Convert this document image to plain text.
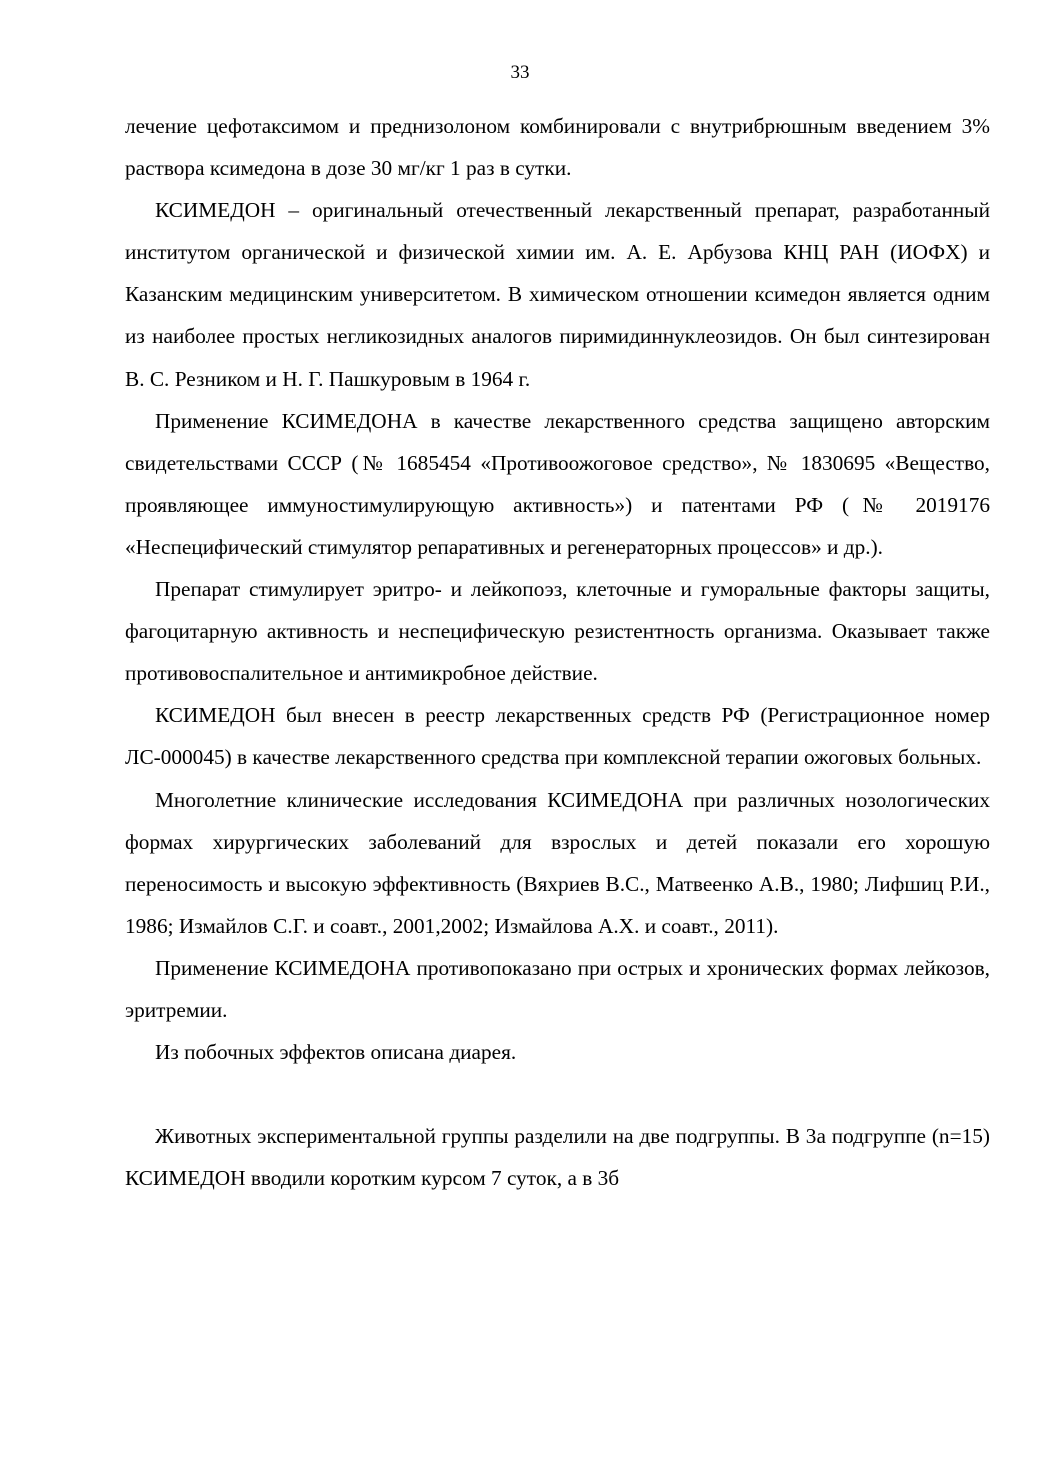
33

лечение цефотаксимом и преднизолоном комбинировали с внутрибрюшным введением 3% раствора ксимедона в дозе 30 мг/кг 1 раз в сутки.

КСИМЕДОН – оригинальный отечественный лекарственный препарат, разработанный институтом органической и физической химии им. А. Е. Арбузова КНЦ РАН (ИОФХ) и Казанским медицинским университетом. В химическом отношении ксимедон является одним из наиболее простых негликозидных аналогов пиримидиннуклеозидов. Он был синтезирован В. С. Резником и Н. Г. Пашкуровым в 1964 г.

Применение КСИМЕДОНА в качестве лекарственного средства защищено авторским свидетельствами СССР (№ 1685454 «Противоожоговое средство», № 1830695 «Вещество, проявляющее иммуностимулирующую активность») и патентами РФ (№ 2019176 «Неспецифический стимулятор репаративных и регенераторных процессов» и др.).

Препарат стимулирует эритро- и лейкопоэз, клеточные и гуморальные факторы защиты, фагоцитарную активность и неспецифическую резистентность организма. Оказывает также противовоспалительное и антимикробное действие.

КСИМЕДОН был внесен в реестр лекарственных средств РФ (Регистрационное номер ЛС-000045) в качестве лекарственного средства при комплексной терапии ожоговых больных.

Многолетние клинические исследования КСИМЕДОНА при различных нозологических формах хирургических заболеваний для взрослых и детей показали его хорошую переносимость и высокую эффективность (Вяхриев В.С., Матвеенко А.В., 1980; Лифшиц Р.И., 1986; Измайлов С.Г. и соавт., 2001,2002; Измайлова А.Х. и соавт., 2011).

Применение КСИМЕДОНА противопоказано при острых и хронических формах лейкозов, эритремии.

Из побочных эффектов описана диарея.

Животных экспериментальной группы разделили на две подгруппы. В 3а подгруппе (n=15) КСИМЕДОН вводили коротким курсом 7 суток, а в 3б
